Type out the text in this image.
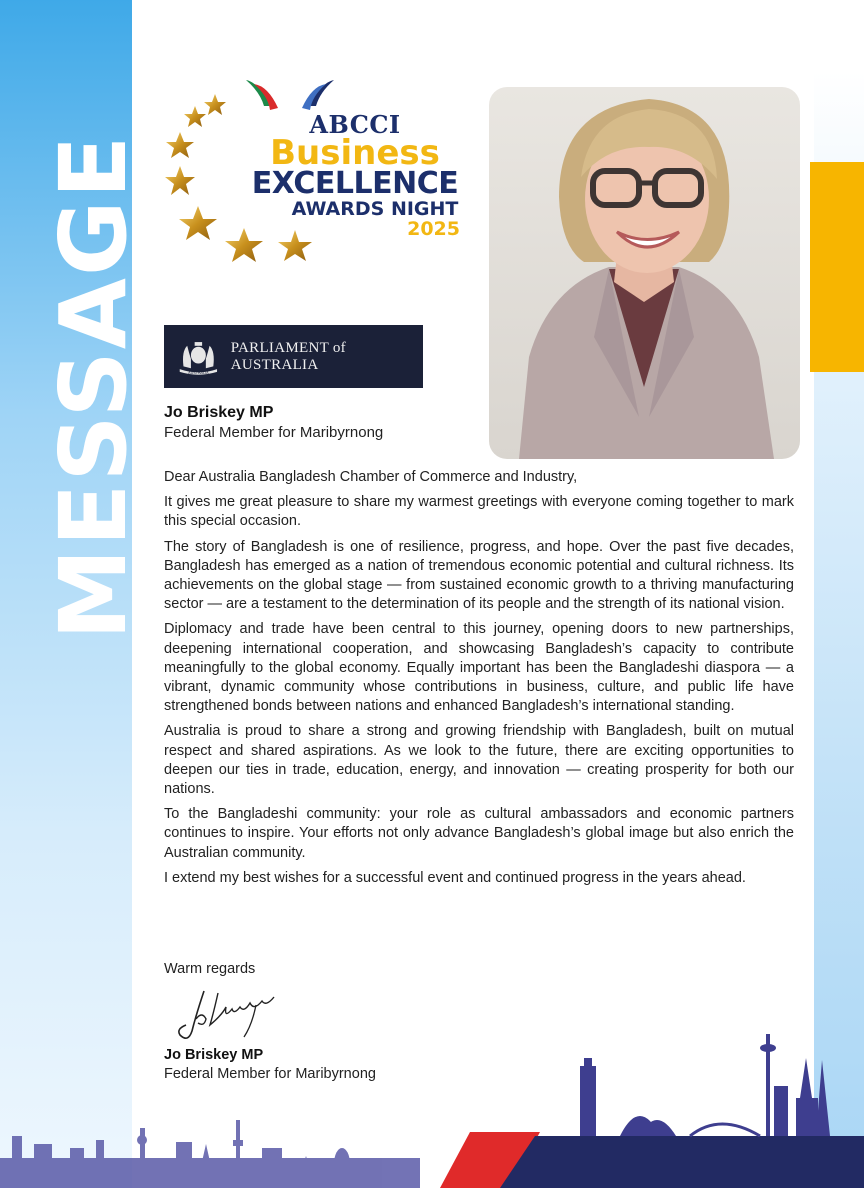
MESSAGE
ABCCI
Business
EXCELLENCE
AWARDS NIGHT
2025
AUSTRALIA
PARLIAMENT of AUSTRALIA
Jo Briskey MP
Federal Member for Maribyrnong

Dear Australia Bangladesh Chamber of Commerce and Industry,

It gives me great pleasure to share my warmest greetings with everyone coming together to mark this special occasion.

The story of Bangladesh is one of resilience, progress, and hope. Over the past five decades, Bangladesh has emerged as a nation of tremendous economic potential and cultural richness. Its achievements on the global stage — from sustained economic growth to a thriving manufacturing sector — are a testament to the determination of its people and the strength of its national vision.

Diplomacy and trade have been central to this journey, opening doors to new partnerships, deepening international cooperation, and showcasing Bangladesh’s capacity to contribute meaningfully to the global economy. Equally important has been the Bangladeshi diaspora — a vibrant, dynamic community whose contributions in business, culture, and public life have strengthened bonds between nations and enhanced Bangladesh’s international standing.

Australia is proud to share a strong and growing friendship with Bangladesh, built on mutual respect and shared aspirations. As we look to the future, there are exciting opportunities to deepen our ties in trade, education, energy, and innovation — creating prosperity for both our nations.

To the Bangladeshi community: your role as cultural ambassadors and economic partners continues to inspire. Your efforts not only advance Bangladesh’s global image but also enrich the Australian community.

I extend my best wishes for a successful event and continued progress in the years ahead.

Warm regards
Jo Briskey MP
Federal Member for Maribyrnong
